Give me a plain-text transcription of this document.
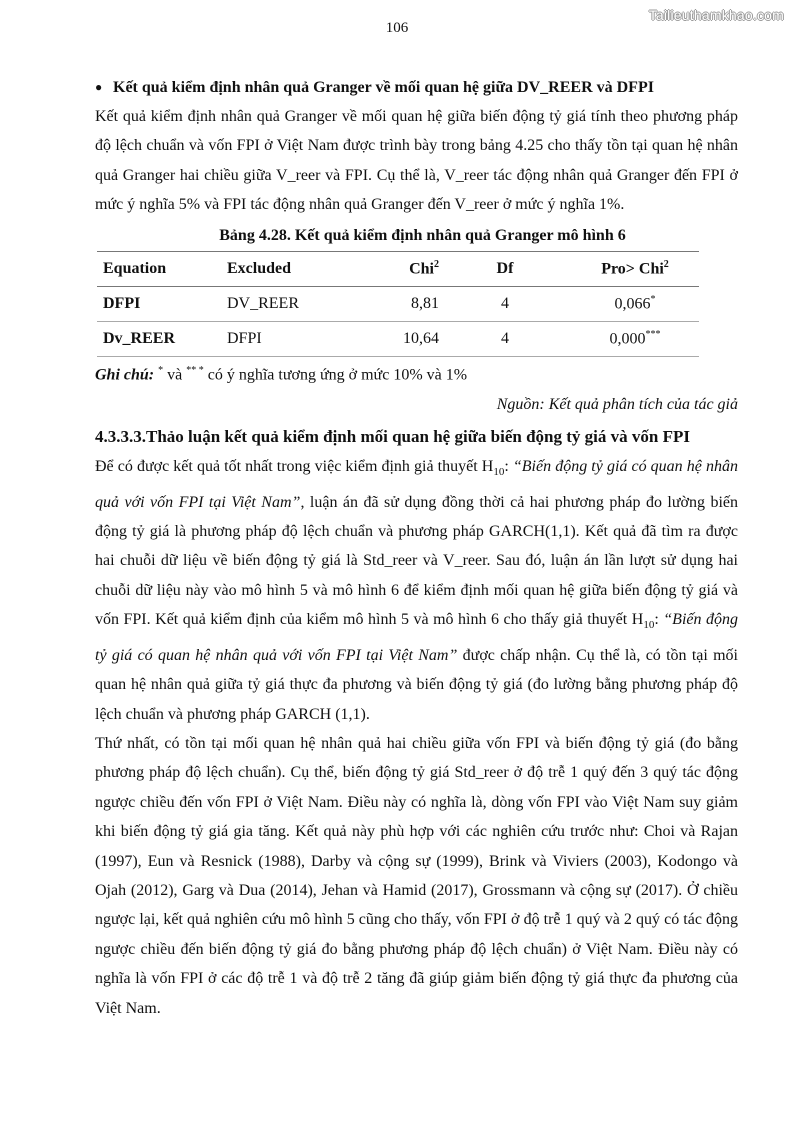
Tailieuthamkhao.com
106
● Kết quả kiểm định nhân quả Granger về mối quan hệ giữa DV_REER và DFPI

Kết quả kiểm định nhân quả Granger về mối quan hệ giữa biến động tỷ giá tính theo phương pháp độ lệch chuẩn và vốn FPI ở Việt Nam được trình bày trong bảng 4.25 cho thấy tồn tại quan hệ nhân quả Granger hai chiều giữa V_reer và FPI. Cụ thể là, V_reer tác động nhân quả Granger đến FPI ở mức ý nghĩa 5% và FPI tác động nhân quả Granger đến V_reer ở mức ý nghĩa 1%.

Bảng 4.28. Kết quả kiểm định nhân quả Granger mô hình 6
Equation	Excluded	Chi$^2$	Df	Pro> Chi$^2$
DFPI	DV_REER	8,81	4	0,066*
Dv_REER	DFPI	10,64	4	0,000***
Ghi chú: * và ** * có ý nghĩa tương ứng ở mức 10% và 1%
Nguồn: Kết quả phân tích của tác giả
4.3.3.3.Thảo luận kết quả kiểm định mối quan hệ giữa biến động tỷ giá và vốn FPI

Để có được kết quả tốt nhất trong việc kiểm định giả thuyết $H_{10}$: “Biến động tỷ giá có quan hệ nhân quả với vốn FPI tại Việt Nam”, luận án đã sử dụng đồng thời cả hai phương pháp đo lường biến động tỷ giá là phương pháp độ lệch chuẩn và phương pháp GARCH(1,1). Kết quả đã tìm ra được hai chuỗi dữ liệu về biến động tỷ giá là Std_reer và V_reer. Sau đó, luận án lần lượt sử dụng hai chuỗi dữ liệu này vào mô hình 5 và mô hình 6 để kiểm định mối quan hệ giữa biến động tỷ giá và vốn FPI. Kết quả kiểm định của kiểm mô hình 5 và mô hình 6 cho thấy giả thuyết $H_{10}$: “Biến động tỷ giá có quan hệ nhân quả với vốn FPI tại Việt Nam” được chấp nhận. Cụ thể là, có tồn tại mối quan hệ nhân quả giữa tỷ giá thực đa phương và biến động tỷ giá (đo lường bằng phương pháp độ lệch chuẩn và phương pháp GARCH (1,1).

Thứ nhất, có tồn tại mối quan hệ nhân quả hai chiều giữa vốn FPI và biến động tỷ giá (đo bằng phương pháp độ lệch chuẩn). Cụ thể, biến động tỷ giá Std_reer ở độ trễ 1 quý đến 3 quý tác động ngược chiều đến vốn FPI ở Việt Nam. Điều này có nghĩa là, dòng vốn FPI vào Việt Nam suy giảm khi biến động tỷ giá gia tăng. Kết quả này phù hợp với các nghiên cứu trước như: Choi và Rajan (1997), Eun và Resnick (1988), Darby và cộng sự (1999), Brink và Viviers (2003), Kodongo và Ojah (2012), Garg và Dua (2014), Jehan và Hamid (2017), Grossmann và cộng sự (2017). Ở chiều ngược lại, kết quả nghiên cứu mô hình 5 cũng cho thấy, vốn FPI ở độ trễ 1 quý và 2 quý có tác động ngược chiều đến biến động tỷ giá đo bằng phương pháp độ lệch chuẩn) ở Việt Nam. Điều này có nghĩa là vốn FPI ở các độ trễ 1 và độ trễ 2 tăng đã giúp giảm biến động tỷ giá thực đa phương của Việt Nam.
